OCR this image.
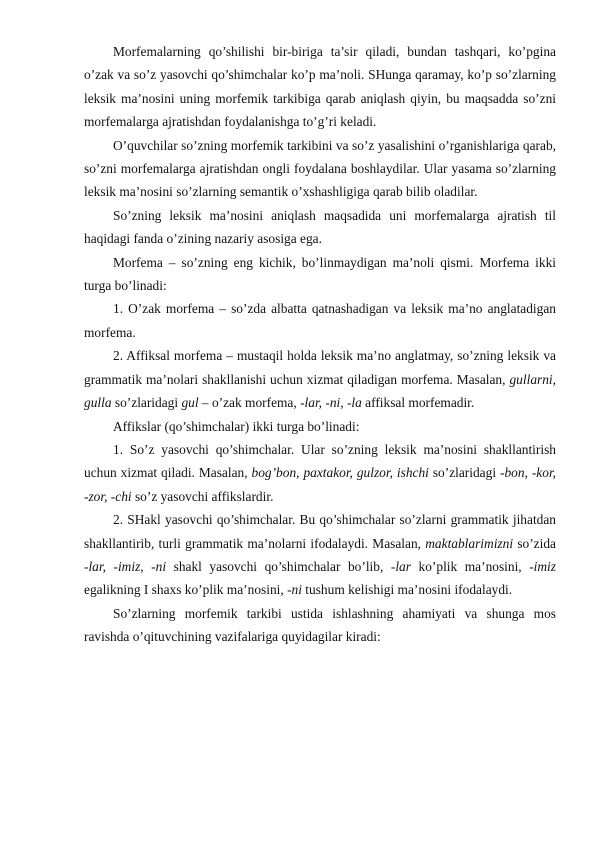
Morfemalarning qo’shilishi bir-biriga ta’sir qiladi, bundan tashqari, ko’pgina o’zak va so’z yasovchi qo’shimchalar ko’p ma’noli. SHunga qaramay, ko’p so’zlarning leksik ma’nosini uning morfemik tarkibiga qarab aniqlash qiyin, bu maqsadda so’zni morfemalarga ajratishdan foydalanishga to’g’ri keladi.

O’quvchilar so’zning morfemik tarkibini va so’z yasalishini o’rganishlariga qarab, so’zni morfemalarga ajratishdan ongli foydalana boshlaydilar. Ular yasama so’zlarning leksik ma’nosini so’zlarning semantik o’xshashligiga qarab bilib oladilar.

So’zning leksik ma’nosini aniqlash maqsadida uni morfemalarga ajratish til haqidagi fanda o’zining nazariy asosiga ega.

Morfema – so’zning eng kichik, bo’linmaydigan ma’noli qismi. Morfema ikki turga bo’linadi:

1. O’zak morfema – so’zda albatta qatnashadigan va leksik ma’no anglatadigan morfema.

2. Affiksal morfema – mustaqil holda leksik ma’no anglatmay, so’zning leksik va grammatik ma’nolari shakllanishi uchun xizmat qiladigan morfema. Masalan, gullarni, gulla so’zlaridagi gul – o’zak morfema, -lar, -ni, -la affiksal morfemadir.

Affikslar (qo’shimchalar) ikki turga bo’linadi:

1. So’z yasovchi qo’shimchalar. Ular so’zning leksik ma’nosini shakllantirish uchun xizmat qiladi. Masalan, bog’bon, paxtakor, gulzor, ishchi so’zlaridagi -bon, -kor, -zor, -chi so’z yasovchi affikslardir.

2. SHakl yasovchi qo’shimchalar. Bu qo’shimchalar so’zlarni grammatik jihatdan shakllantirib, turli grammatik ma’nolarni ifodalaydi. Masalan, maktablarimizni so’zida -lar, -imiz, -ni shakl yasovchi qo’shimchalar bo’lib, -lar ko’plik ma’nosini, -imiz egalikning I shaxs ko’plik ma’nosini, -ni tushum kelishigi ma’nosini ifodalaydi.

So’zlarning morfemik tarkibi ustida ishlashning ahamiyati va shunga mos ravishda o’qituvchining vazifalariga quyidagilar kiradi:
